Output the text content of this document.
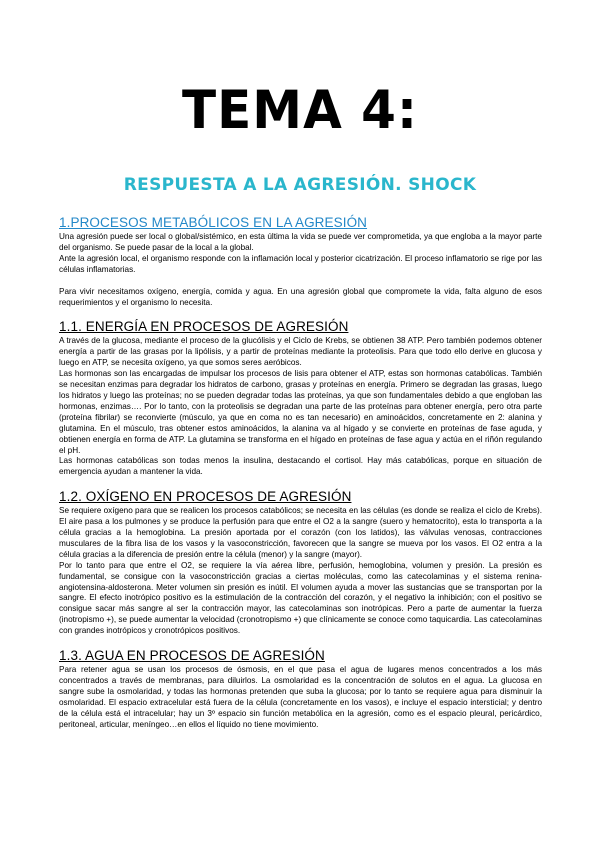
TEMA 4:
RESPUESTA A LA AGRESIÓN. SHOCK
1.PROCESOS METABÓLICOS EN LA AGRESIÓN

Una agresión puede ser local o global/sistémico, en esta última la vida se puede ver comprometida, ya que engloba a la mayor parte del organismo. Se puede pasar de la local a la global.

Ante la agresión local, el organismo responde con la inflamación local y posterior cicatrización. El proceso inflamatorio se rige por las células inflamatorias.

Para vivir necesitamos oxígeno, energía, comida y agua. En una agresión global que compromete la vida, falta alguno de esos requerimientos y el organismo lo necesita.

1.1. ENERGÍA EN PROCESOS DE AGRESIÓN

A través de la glucosa, mediante el proceso de la glucólisis y el Ciclo de Krebs, se obtienen 38 ATP. Pero también podemos obtener energía a partir de las grasas por la lipólisis, y a partir de proteínas mediante la proteolisis. Para que todo ello derive en glucosa y luego en ATP, se necesita oxígeno, ya que somos seres aeróbicos.

Las hormonas son las encargadas de impulsar los procesos de lisis para obtener el ATP, estas son hormonas catabólicas. También se necesitan enzimas para degradar los hidratos de carbono, grasas y proteínas en energía. Primero se degradan las grasas, luego los hidratos y luego las proteínas; no se pueden degradar todas las proteínas, ya que son fundamentales debido a que engloban las hormonas, enzimas…. Por lo tanto, con la proteolisis se degradan una parte de las proteínas para obtener energía, pero otra parte (proteína fibrilar) se reconvierte (músculo, ya que en coma no es tan necesario) en aminoácidos, concretamente en 2: alanina y glutamina. En el músculo, tras obtener estos aminoácidos, la alanina va al hígado y se convierte en proteínas de fase aguda, y obtienen energía en forma de ATP. La glutamina se transforma en el hígado en proteínas de fase agua y actúa en el riñón regulando el pH.

Las hormonas catabólicas son todas menos la insulina, destacando el cortisol. Hay más catabólicas, porque en situación de emergencia ayudan a mantener la vida.

1.2. OXÍGENO EN PROCESOS DE AGRESIÓN

Se requiere oxígeno para que se realicen los procesos catabólicos; se necesita en las células (es donde se realiza el ciclo de Krebs). El aire pasa a los pulmones y se produce la perfusión para que entre el O2 a la sangre (suero y hematocrito), esta lo transporta a la célula gracias a la hemoglobina. La presión aportada por el corazón (con los latidos), las válvulas venosas, contracciones musculares de la fibra lisa de los vasos y la vasoconstricción, favorecen que la sangre se mueva por los vasos. El O2 entra a la célula gracias a la diferencia de presión entre la célula (menor) y la sangre (mayor).

Por lo tanto para que entre el O2, se requiere la vía aérea libre, perfusión, hemoglobina, volumen y presión. La presión es fundamental, se consigue con la vasoconstricción gracias a ciertas moléculas, como las catecolaminas y el sistema renina-angiotensina-aldosterona. Meter volumen sin presión es inútil. El volumen ayuda a mover las sustancias que se transportan por la sangre. El efecto inotrópico positivo es la estimulación de la contracción del corazón, y el negativo la inhibición; con el positivo se consigue sacar más sangre al ser la contracción mayor, las catecolaminas son inotrópicas. Pero a parte de aumentar la fuerza (inotropismo +), se puede aumentar la velocidad (cronotropismo +) que clínicamente se conoce como taquicardia. Las catecolaminas con grandes inotrópicos y cronotrópicos positivos.

1.3. AGUA EN PROCESOS DE AGRESIÓN

Para retener agua se usan los procesos de ósmosis, en el que pasa el agua de lugares menos concentrados a los más concentrados a través de membranas, para diluirlos. La osmolaridad es la concentración de solutos en el agua. La glucosa en sangre sube la osmolaridad, y todas las hormonas pretenden que suba la glucosa; por lo tanto se requiere agua para disminuir la osmolaridad. El espacio extracelular está fuera de la célula (concretamente en los vasos), e incluye el espacio intersticial; y dentro de la célula está el intracelular; hay un 3º espacio sin función metabólica en la agresión, como es el espacio pleural, pericárdico, peritoneal, articular, meníngeo…en ellos el líquido no tiene movimiento.
